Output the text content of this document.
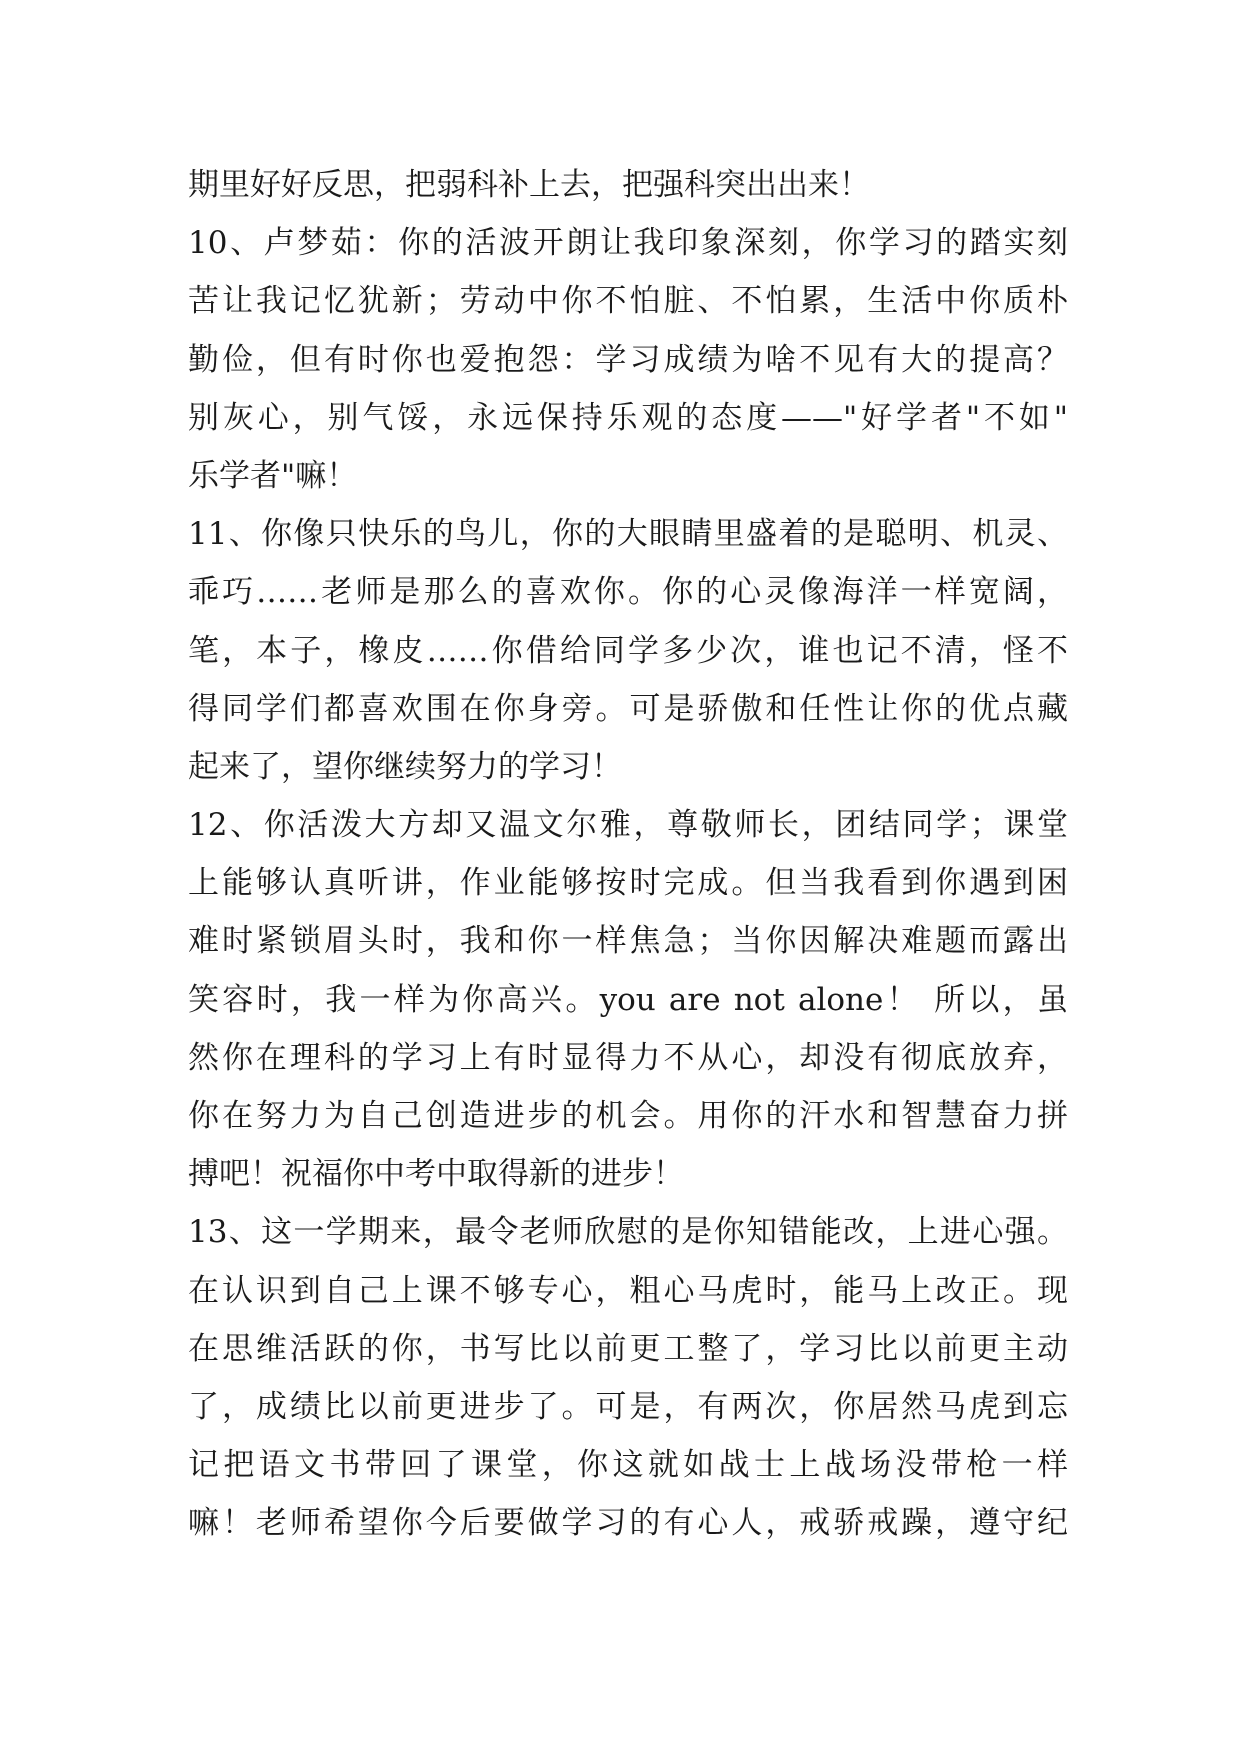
期里好好反思，把弱科补上去，把强科突出出来！
10、卢梦茹：你的活波开朗让我印象深刻，你学习的踏实刻
苦让我记忆犹新；劳动中你不怕脏、不怕累，生活中你质朴
勤俭，但有时你也爱抱怨：学习成绩为啥不见有大的提高？
别灰心，别气馁，永远保持乐观的态度——"好学者"不如"
乐学者"嘛！
11、你像只快乐的鸟儿，你的大眼睛里盛着的是聪明、机灵、
乖巧……老师是那么的喜欢你。你的心灵像海洋一样宽阔，
笔，本子，橡皮……你借给同学多少次，谁也记不清，怪不
得同学们都喜欢围在你身旁。可是骄傲和任性让你的优点藏
起来了，望你继续努力的学习！
12、你活泼大方却又温文尔雅，尊敬师长，团结同学；课堂
上能够认真听讲，作业能够按时完成。但当我看到你遇到困
难时紧锁眉头时，我和你一样焦急；当你因解决难题而露出
笑容时，我一样为你高兴。you are not alone！ 所以，虽
然你在理科的学习上有时显得力不从心，却没有彻底放弃，
你在努力为自己创造进步的机会。用你的汗水和智慧奋力拼
搏吧！祝福你中考中取得新的进步！
13、这一学期来，最令老师欣慰的是你知错能改，上进心强。
在认识到自己上课不够专心，粗心马虎时，能马上改正。现
在思维活跃的你，书写比以前更工整了，学习比以前更主动
了，成绩比以前更进步了。可是，有两次，你居然马虎到忘
记把语文书带回了课堂，你这就如战士上战场没带枪一样
嘛！老师希望你今后要做学习的有心人，戒骄戒躁，遵守纪
